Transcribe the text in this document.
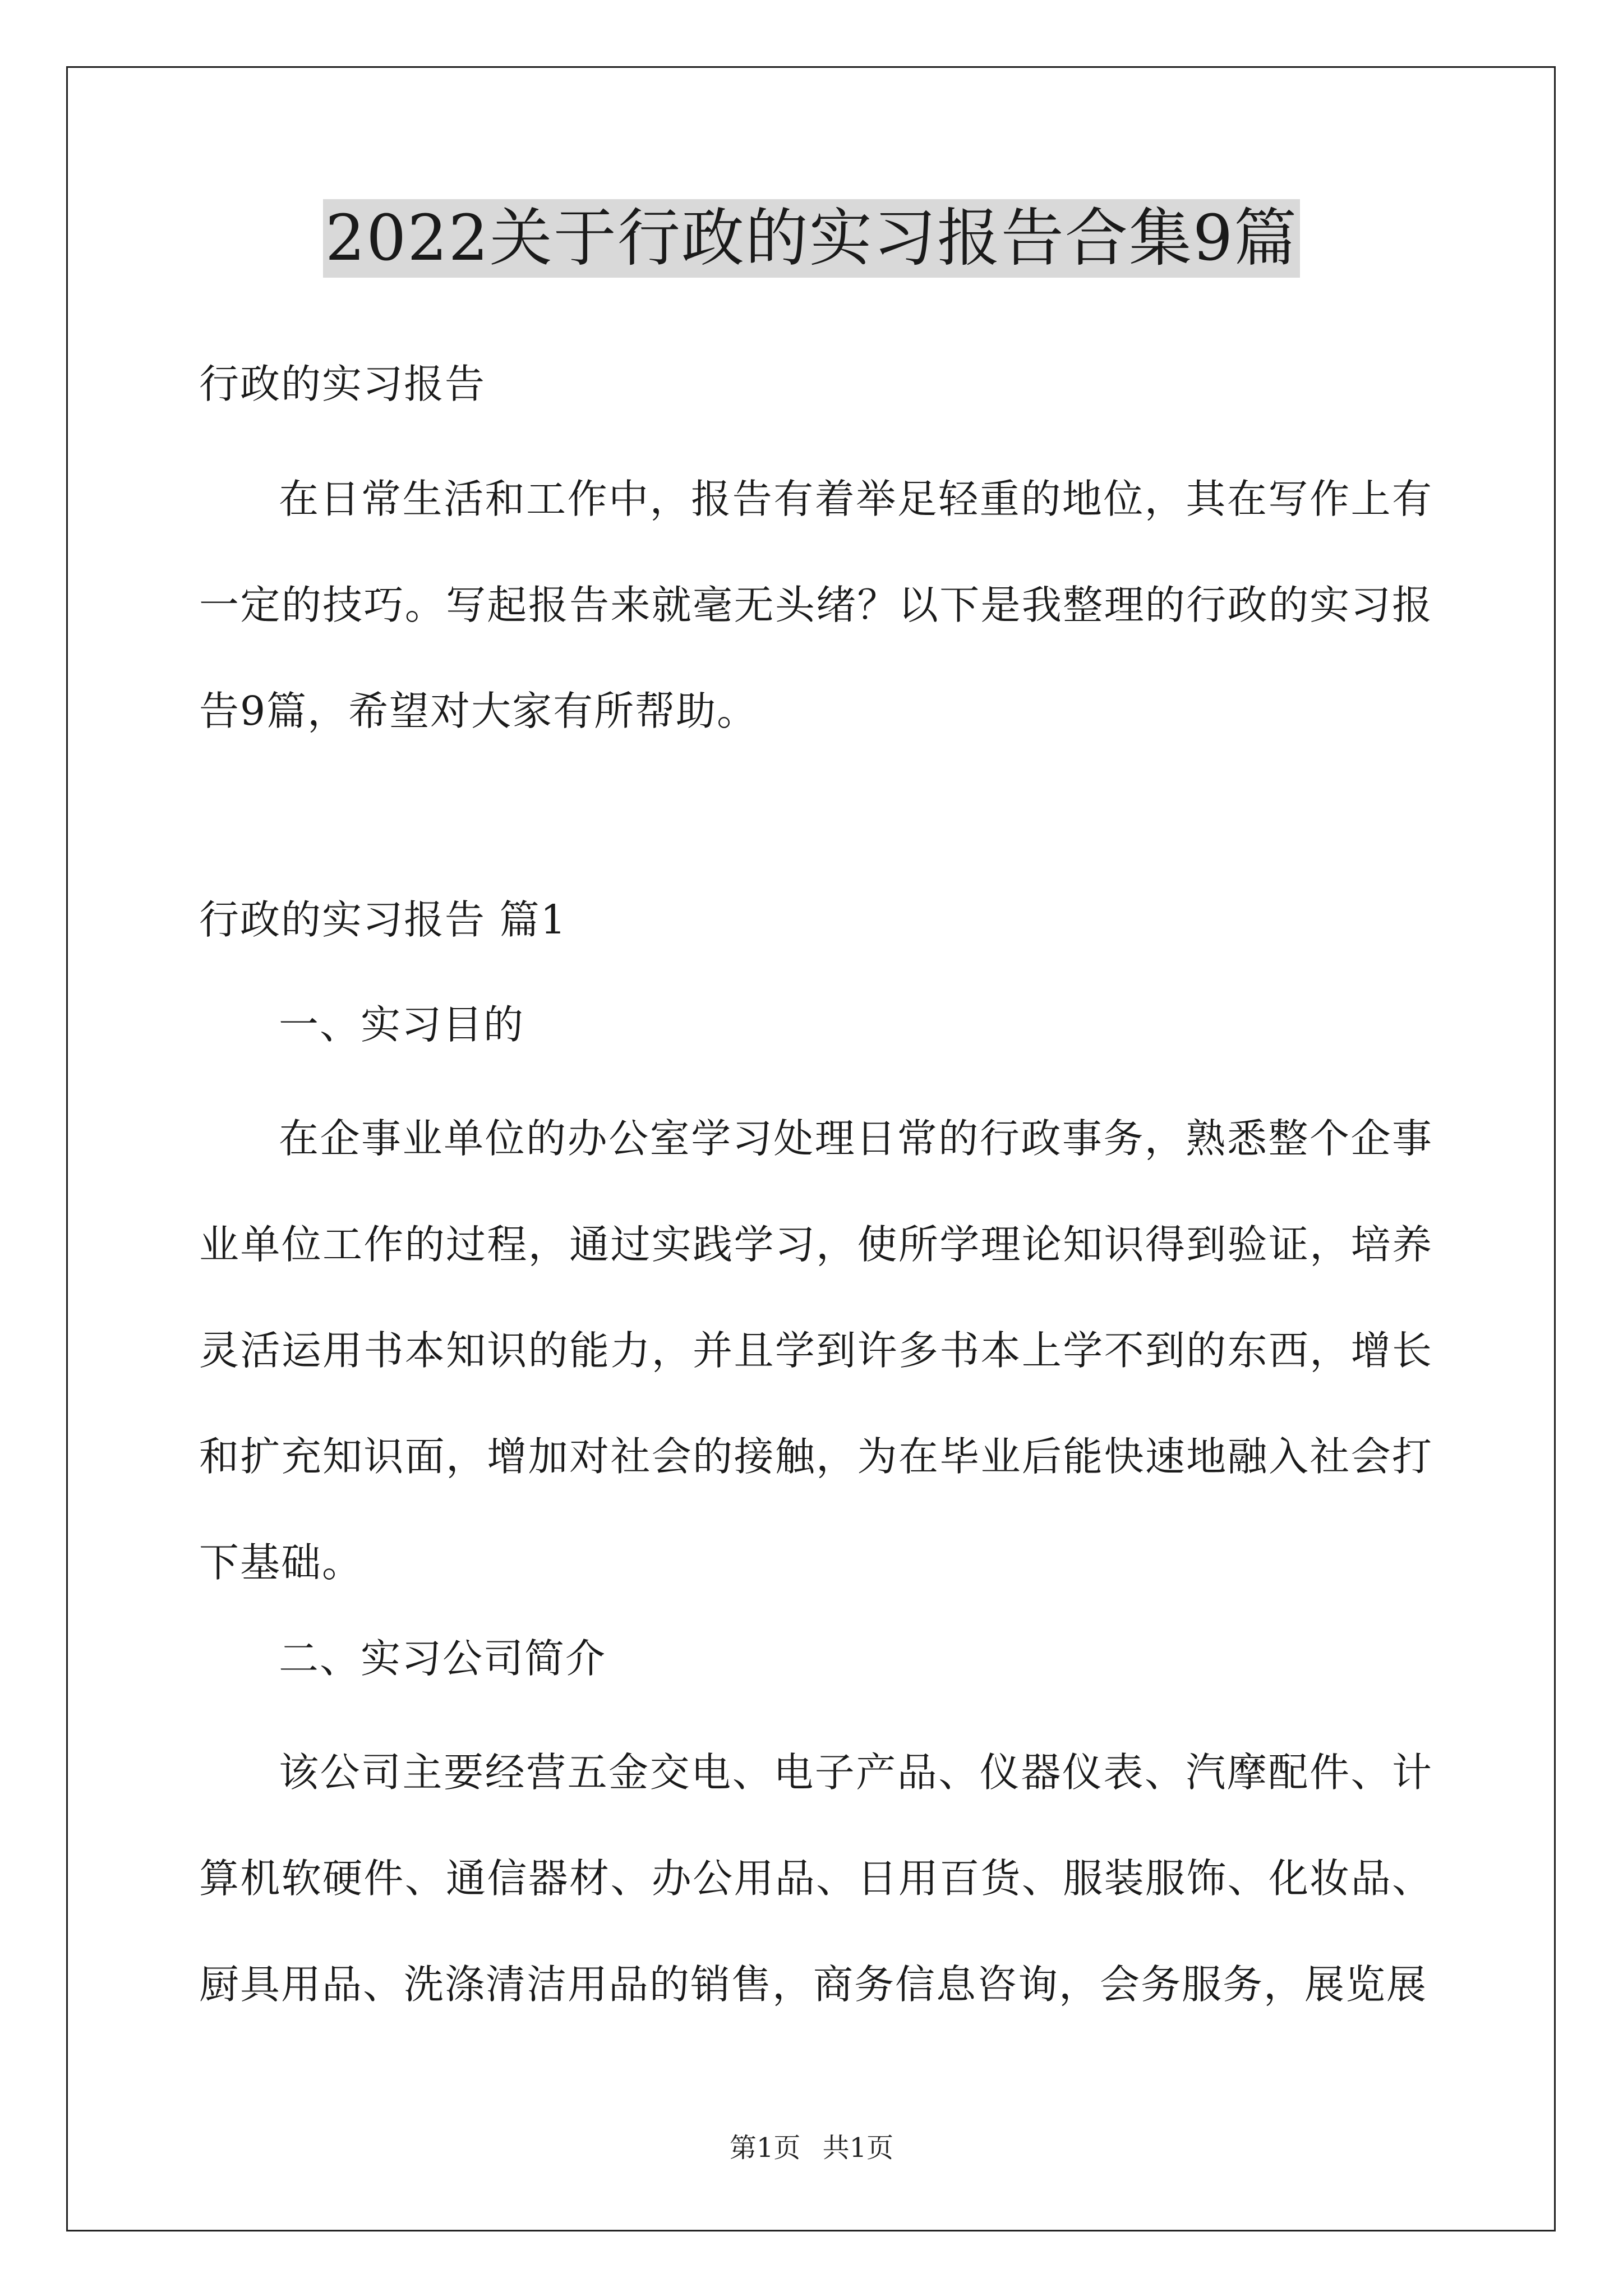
2022关于行政的实习报告合集9篇
行政的实习报告

在日常生活和工作中，报告有着举足轻重的地位，其在写作上有一定的技巧。写起报告来就毫无头绪？以下是我整理的行政的实习报告9篇，希望对大家有所帮助。

行政的实习报告 篇1
一、实习目的

在企事业单位的办公室学习处理日常的行政事务，熟悉整个企事业单位工作的过程，通过实践学习，使所学理论知识得到验证，培养灵活运用书本知识的能力，并且学到许多书本上学不到的东西，增长和扩充知识面，增加对社会的接触，为在毕业后能快速地融入社会打下基础。

二、实习公司简介

该公司主要经营五金交电、电子产品、仪器仪表、汽摩配件、计算机软硬件、通信器材、办公用品、日用百货、服装服饰、化妆品、厨具用品、洗涤清洁用品的销售，商务信息咨询，会务服务，展览展

第1页 共1页
